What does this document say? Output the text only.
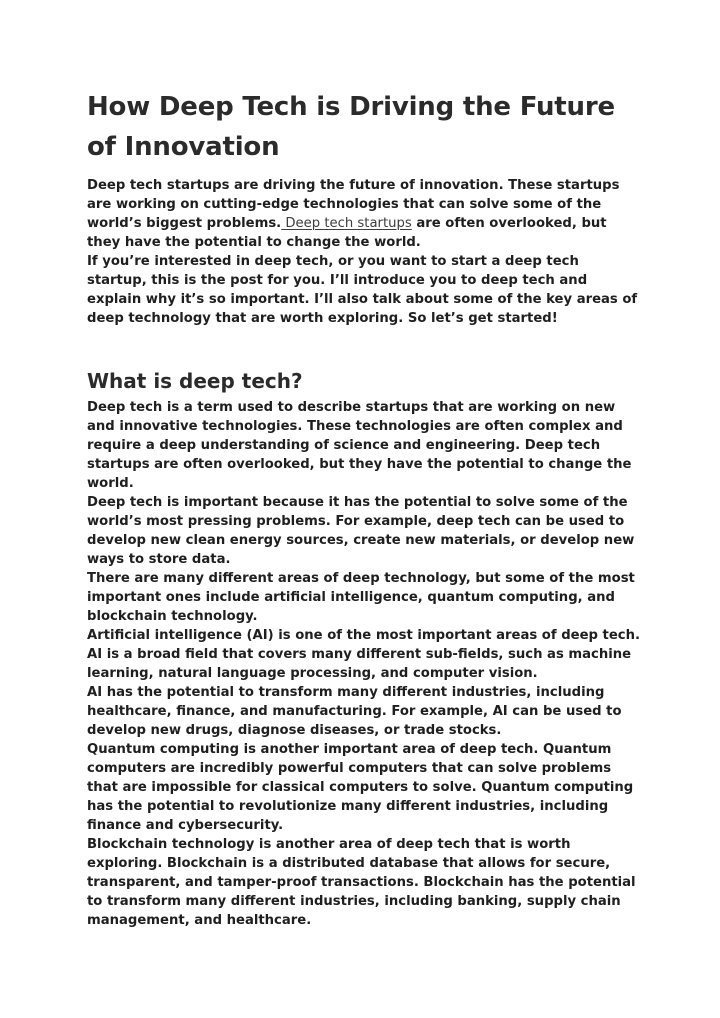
How Deep Tech is Driving the Future of Innovation

Deep tech startups are driving the future of innovation. These startups are working on cutting-edge technologies that can solve some of the world’s biggest problems. Deep tech startups are often overlooked, but they have the potential to change the world.

If you’re interested in deep tech, or you want to start a deep tech startup, this is the post for you. I’ll introduce you to deep tech and explain why it’s so important. I’ll also talk about some of the key areas of deep technology that are worth exploring. So let’s get started!

What is deep tech?

Deep tech is a term used to describe startups that are working on new and innovative technologies. These technologies are often complex and require a deep understanding of science and engineering. Deep tech startups are often overlooked, but they have the potential to change the world.

Deep tech is important because it has the potential to solve some of the world’s most pressing problems. For example, deep tech can be used to develop new clean energy sources, create new materials, or develop new ways to store data.

There are many different areas of deep technology, but some of the most important ones include artificial intelligence, quantum computing, and blockchain technology.

Artificial intelligence (AI) is one of the most important areas of deep tech. AI is a broad field that covers many different sub-fields, such as machine learning, natural language processing, and computer vision.

AI has the potential to transform many different industries, including healthcare, finance, and manufacturing. For example, AI can be used to develop new drugs, diagnose diseases, or trade stocks.

Quantum computing is another important area of deep tech. Quantum computers are incredibly powerful computers that can solve problems that are impossible for classical computers to solve. Quantum computing has the potential to revolutionize many different industries, including finance and cybersecurity.

Blockchain technology is another area of deep tech that is worth exploring. Blockchain is a distributed database that allows for secure, transparent, and tamper-proof transactions. Blockchain has the potential to transform many different industries, including banking, supply chain management, and healthcare.
